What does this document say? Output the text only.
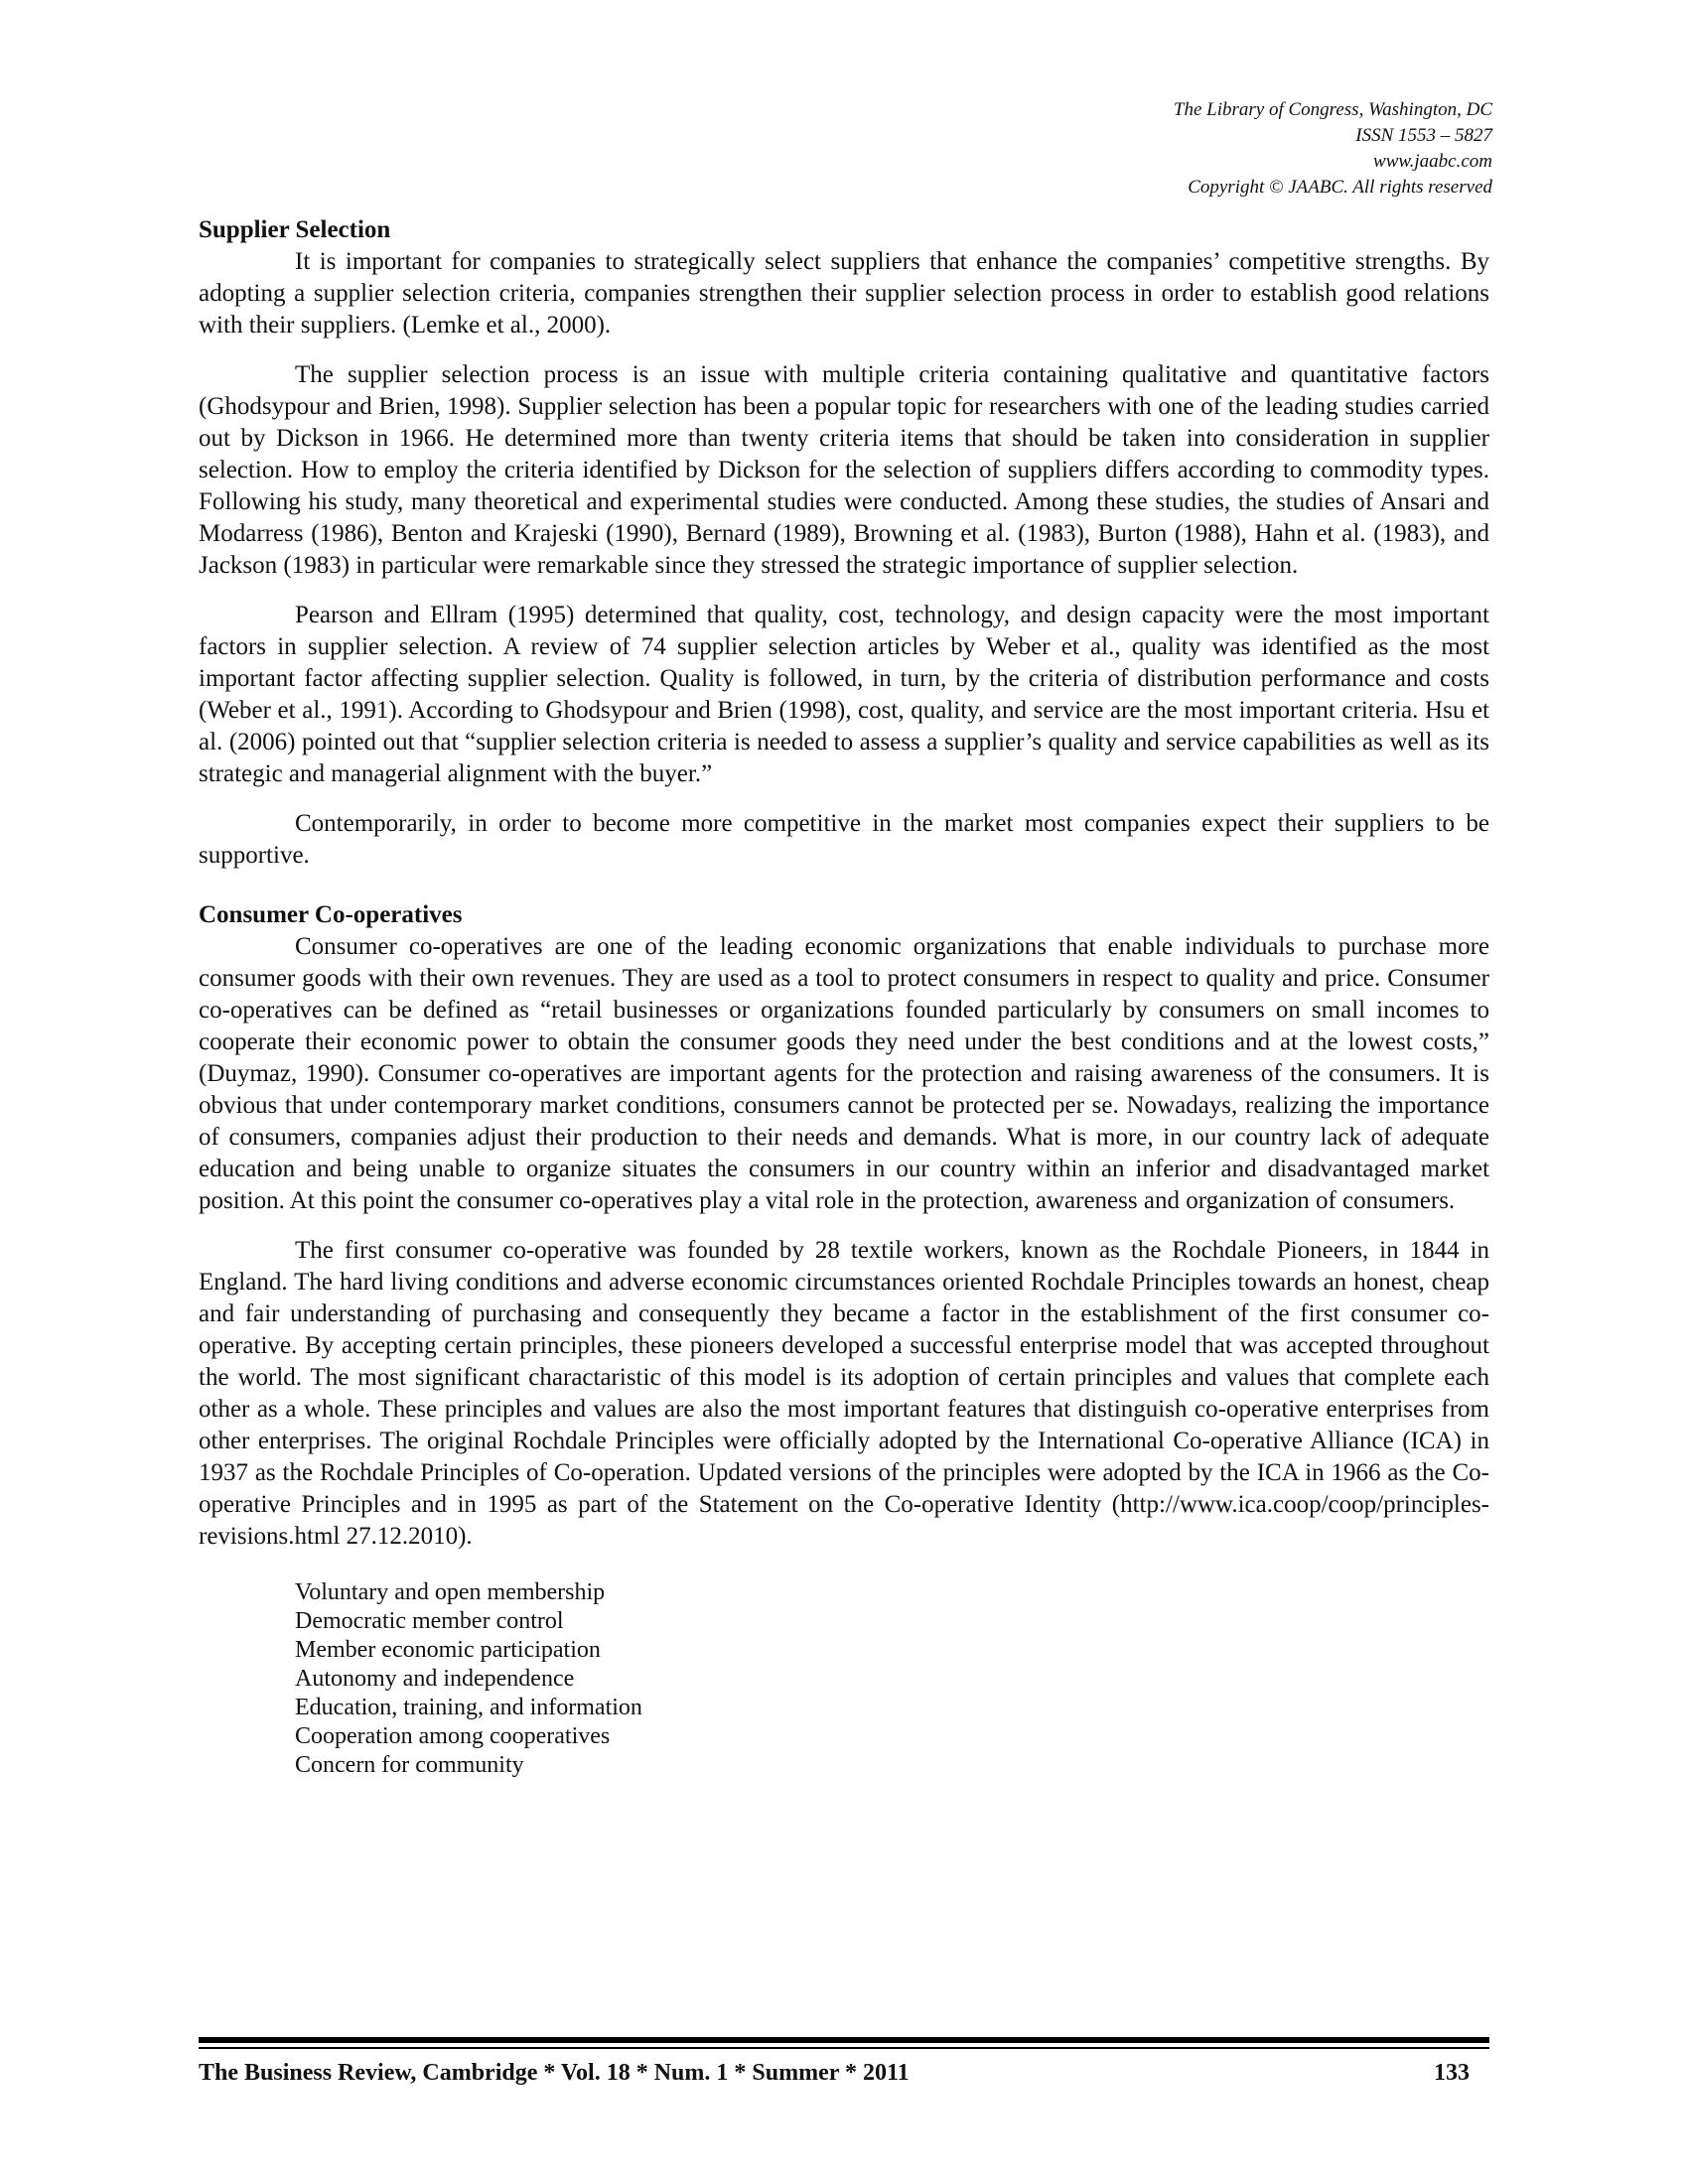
The Library of Congress, Washington, DC
ISSN 1553 – 5827
www.jaabc.com
Copyright © JAABC. All rights reserved
Supplier Selection

It is important for companies to strategically select suppliers that enhance the companies’ competitive strengths. By adopting a supplier selection criteria, companies strengthen their supplier selection process in order to establish good relations with their suppliers. (Lemke et al., 2000).

The supplier selection process is an issue with multiple criteria containing qualitative and quantitative factors (Ghodsypour and Brien, 1998). Supplier selection has been a popular topic for researchers with one of the leading studies carried out by Dickson in 1966. He determined more than twenty criteria items that should be taken into consideration in supplier selection. How to employ the criteria identified by Dickson for the selection of suppliers differs according to commodity types. Following his study, many theoretical and experimental studies were conducted. Among these studies, the studies of Ansari and Modarress (1986), Benton and Krajeski (1990), Bernard (1989), Browning et al. (1983), Burton (1988), Hahn et al. (1983), and Jackson (1983) in particular were remarkable since they stressed the strategic importance of supplier selection.

Pearson and Ellram (1995) determined that quality, cost, technology, and design capacity were the most important factors in supplier selection. A review of 74 supplier selection articles by Weber et al., quality was identified as the most important factor affecting supplier selection. Quality is followed, in turn, by the criteria of distribution performance and costs (Weber et al., 1991). According to Ghodsypour and Brien (1998), cost, quality, and service are the most important criteria. Hsu et al. (2006) pointed out that “supplier selection criteria is needed to assess a supplier’s quality and service capabilities as well as its strategic and managerial alignment with the buyer.”

Contemporarily, in order to become more competitive in the market most companies expect their suppliers to be supportive.

Consumer Co-operatives

Consumer co-operatives are one of the leading economic organizations that enable individuals to purchase more consumer goods with their own revenues. They are used as a tool to protect consumers in respect to quality and price. Consumer co-operatives can be defined as “retail businesses or organizations founded particularly by consumers on small incomes to cooperate their economic power to obtain the consumer goods they need under the best conditions and at the lowest costs,” (Duymaz, 1990). Consumer co-operatives are important agents for the protection and raising awareness of the consumers. It is obvious that under contemporary market conditions, consumers cannot be protected per se. Nowadays, realizing the importance of consumers, companies adjust their production to their needs and demands. What is more, in our country lack of adequate education and being unable to organize situates the consumers in our country within an inferior and disadvantaged market position. At this point the consumer co-operatives play a vital role in the protection, awareness and organization of consumers.

The first consumer co-operative was founded by 28 textile workers, known as the Rochdale Pioneers, in 1844 in England. The hard living conditions and adverse economic circumstances oriented Rochdale Principles towards an honest, cheap and fair understanding of purchasing and consequently they became a factor in the establishment of the first consumer co-operative. By accepting certain principles, these pioneers developed a successful enterprise model that was accepted throughout the world. The most significant charactaristic of this model is its adoption of certain principles and values that complete each other as a whole. These principles and values are also the most important features that distinguish co-operative enterprises from other enterprises. The original Rochdale Principles were officially adopted by the International Co-operative Alliance (ICA) in 1937 as the Rochdale Principles of Co-operation. Updated versions of the principles were adopted by the ICA in 1966 as the Co-operative Principles and in 1995 as part of the Statement on the Co-operative Identity (http://www.ica.coop/coop/principles-revisions.html 27.12.2010).

Voluntary and open membership
Democratic member control
Member economic participation
Autonomy and independence
Education, training, and information
Cooperation among cooperatives
Concern for community
The Business Review, Cambridge * Vol. 18 * Num. 1 * Summer * 2011	133
